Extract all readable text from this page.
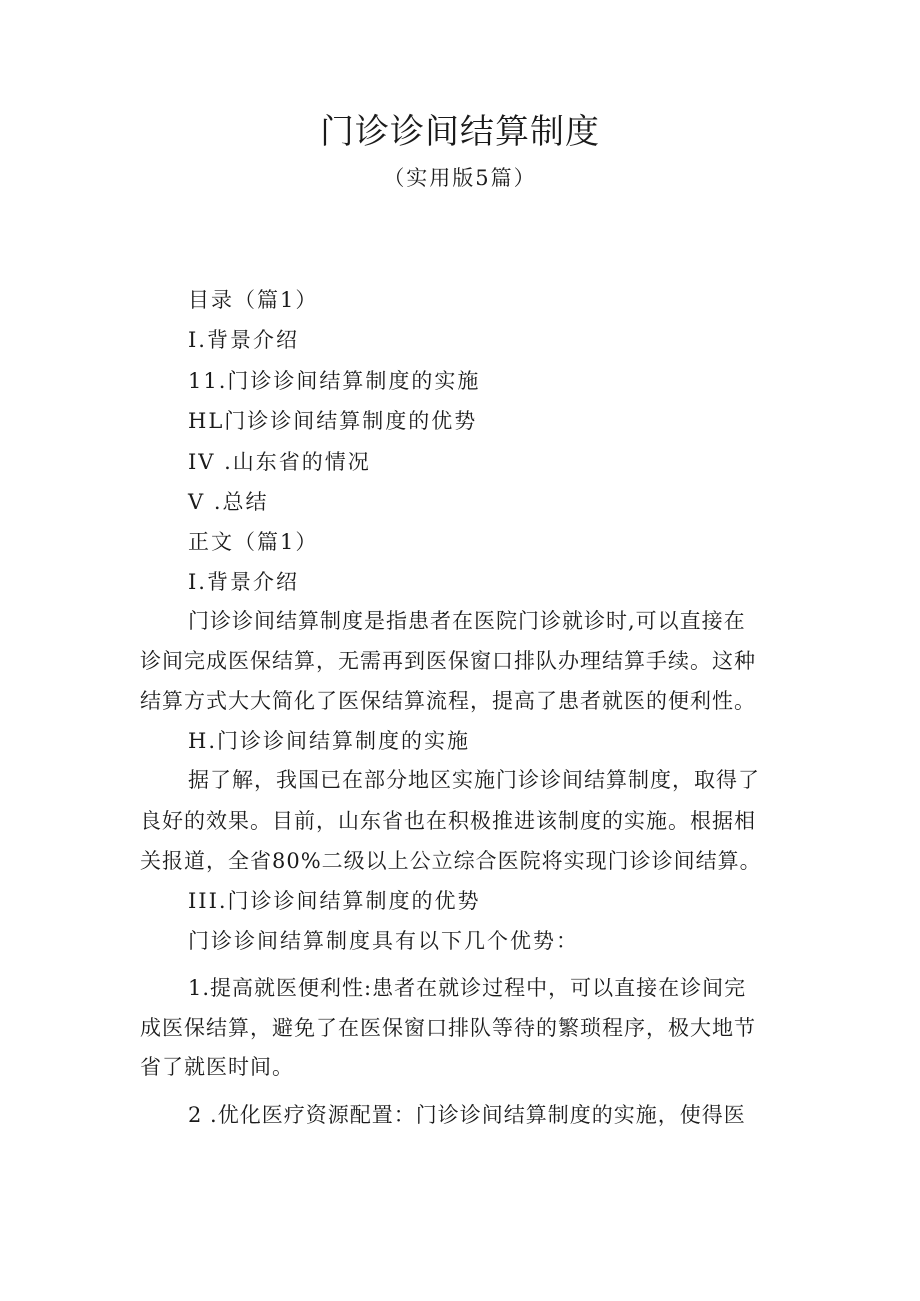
门诊诊间结算制度
（实用版5篇）
目录（篇1）
I.背景介绍
11.门诊诊间结算制度的实施
HL门诊诊间结算制度的优势
IV .山东省的情况
V .总结
正文（篇1）
I.背景介绍
门诊诊间结算制度是指患者在医院门诊就诊时,可以直接在
诊间完成医保结算，无需再到医保窗口排队办理结算手续。这种
结算方式大大简化了医保结算流程，提高了患者就医的便利性。
H.门诊诊间结算制度的实施
据了解，我国已在部分地区实施门诊诊间结算制度，取得了
良好的效果。目前，山东省也在积极推进该制度的实施。根据相
关报道，全省80%二级以上公立综合医院将实现门诊诊间结算。
III.门诊诊间结算制度的优势
门诊诊间结算制度具有以下几个优势：
1.提高就医便利性:患者在就诊过程中，可以直接在诊间完
成医保结算，避免了在医保窗口排队等待的繁琐程序，极大地节
省了就医时间。
2 .优化医疗资源配置：门诊诊间结算制度的实施，使得医
